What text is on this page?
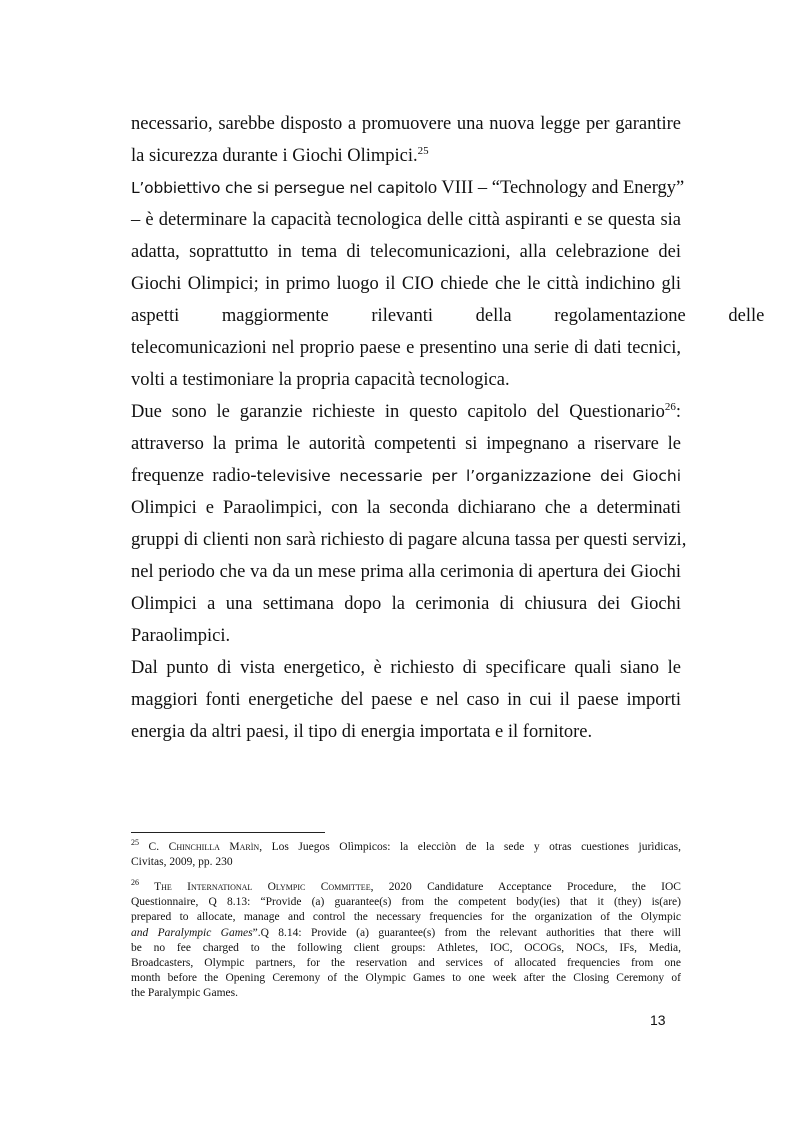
necessario, sarebbe disposto a promuovere una nuova legge per garantire
la sicurezza durante i Giochi Olimpici.$^{25}$
L’obbiettivo che si persegue nel capitolo VIII – “Technology and Energy”
– è determinare la capacità tecnologica delle città aspiranti e se questa sia
adatta, soprattutto in tema di telecomunicazioni, alla celebrazione dei
Giochi Olimpici; in primo luogo il CIO chiede che le città indichino gli
aspetti maggiormente rilevanti della regolamentazione delle
telecomunicazioni nel proprio paese e presentino una serie di dati tecnici,
volti a testimoniare la propria capacità tecnologica.
Due sono le garanzie richieste in questo capitolo del Questionario$^{26}$:
attraverso la prima le autorità competenti si impegnano a riservare le
frequenze radio-televisive necessarie per l’organizzazione dei Giochi
Olimpici e Paraolimpici, con la seconda dichiarano che a determinati
gruppi di clienti non sarà richiesto di pagare alcuna tassa per questi servizi,
nel periodo che va da un mese prima alla cerimonia di apertura dei Giochi
Olimpici a una settimana dopo la cerimonia di chiusura dei Giochi
Paraolimpici.
Dal punto di vista energetico, è richiesto di specificare quali siano le
maggiori fonti energetiche del paese e nel caso in cui il paese importi
energia da altri paesi, il tipo di energia importata e il fornitore.
$^{25}$ C. Chinchilla Marìn, Los Juegos Olìmpicos: la elecciòn de la sede y otras cuestiones jurìdicas,
Civitas, 2009, pp. 230
$^{26}$ The International Olympic Committee, 2020 Candidature Acceptance Procedure, the IOC
Questionnaire, Q 8.13: “Provide (a) guarantee(s) from the competent body(ies) that it (they) is(are)
prepared to allocate, manage and control the necessary frequencies for the organization of the Olympic
and Paralympic Games”.Q 8.14: Provide (a) guarantee(s) from the relevant authorities that there will
be no fee charged to the following client groups: Athletes, IOC, OCOGs, NOCs, IFs, Media,
Broadcasters, Olympic partners, for the reservation and services of allocated frequencies from one
month before the Opening Ceremony of the Olympic Games to one week after the Closing Ceremony of
the Paralympic Games.
13
